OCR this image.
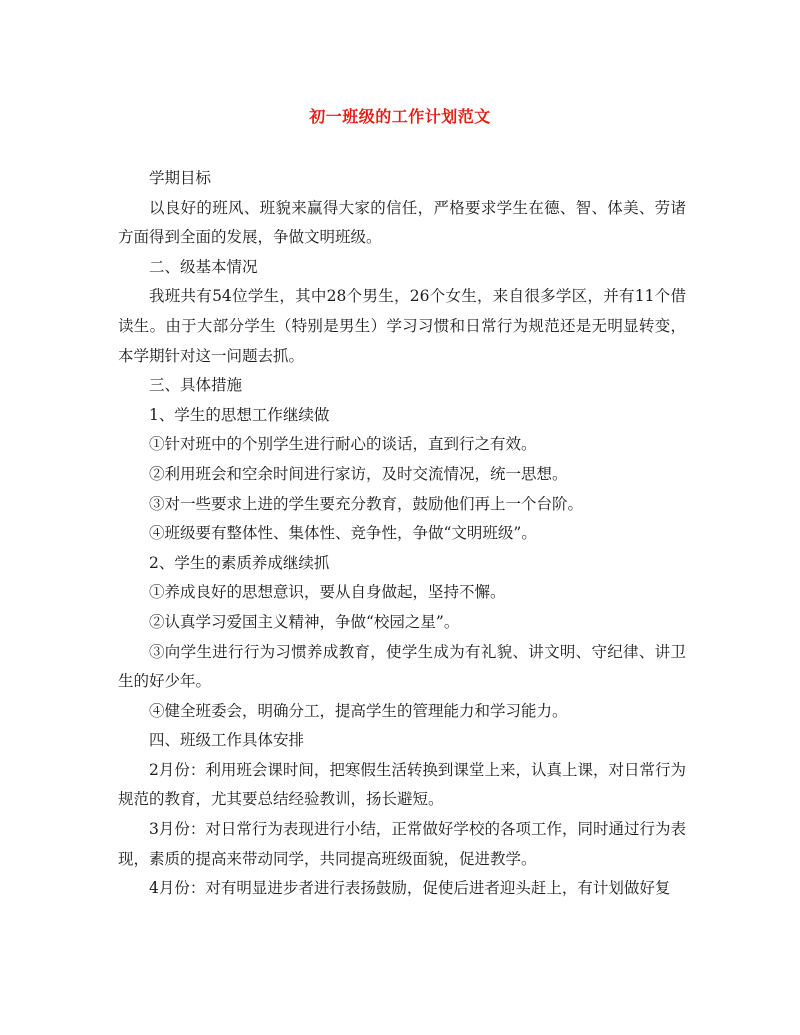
初一班级的工作计划范文

学期目标

以良好的班风、班貌来赢得大家的信任，严格要求学生在德、智、体美、劳诸方面得到全面的发展，争做文明班级。

二、级基本情况

我班共有54位学生，其中28个男生，26个女生，来自很多学区，并有11个借读生。由于大部分学生（特别是男生）学习习惯和日常行为规范还是无明显转变，本学期针对这一问题去抓。

三、具体措施

1、学生的思想工作继续做

①针对班中的个别学生进行耐心的谈话，直到行之有效。

②利用班会和空余时间进行家访，及时交流情况，统一思想。

③对一些要求上进的学生要充分教育，鼓励他们再上一个台阶。

④班级要有整体性、集体性、竞争性，争做“文明班级”。

2、学生的素质养成继续抓

①养成良好的思想意识，要从自身做起，坚持不懈。

②认真学习爱国主义精神，争做“校园之星”。

③向学生进行行为习惯养成教育，使学生成为有礼貌、讲文明、守纪律、讲卫生的好少年。

④健全班委会，明确分工，提高学生的管理能力和学习能力。

四、班级工作具体安排

2月份：利用班会课时间，把寒假生活转换到课堂上来，认真上课，对日常行为规范的教育，尤其要总结经验教训，扬长避短。

3月份：对日常行为表现进行小结，正常做好学校的各项工作，同时通过行为表现，素质的提高来带动同学，共同提高班级面貌，促进教学。

4月份：对有明显进步者进行表扬鼓励，促使后进者迎头赶上，有计划做好复
